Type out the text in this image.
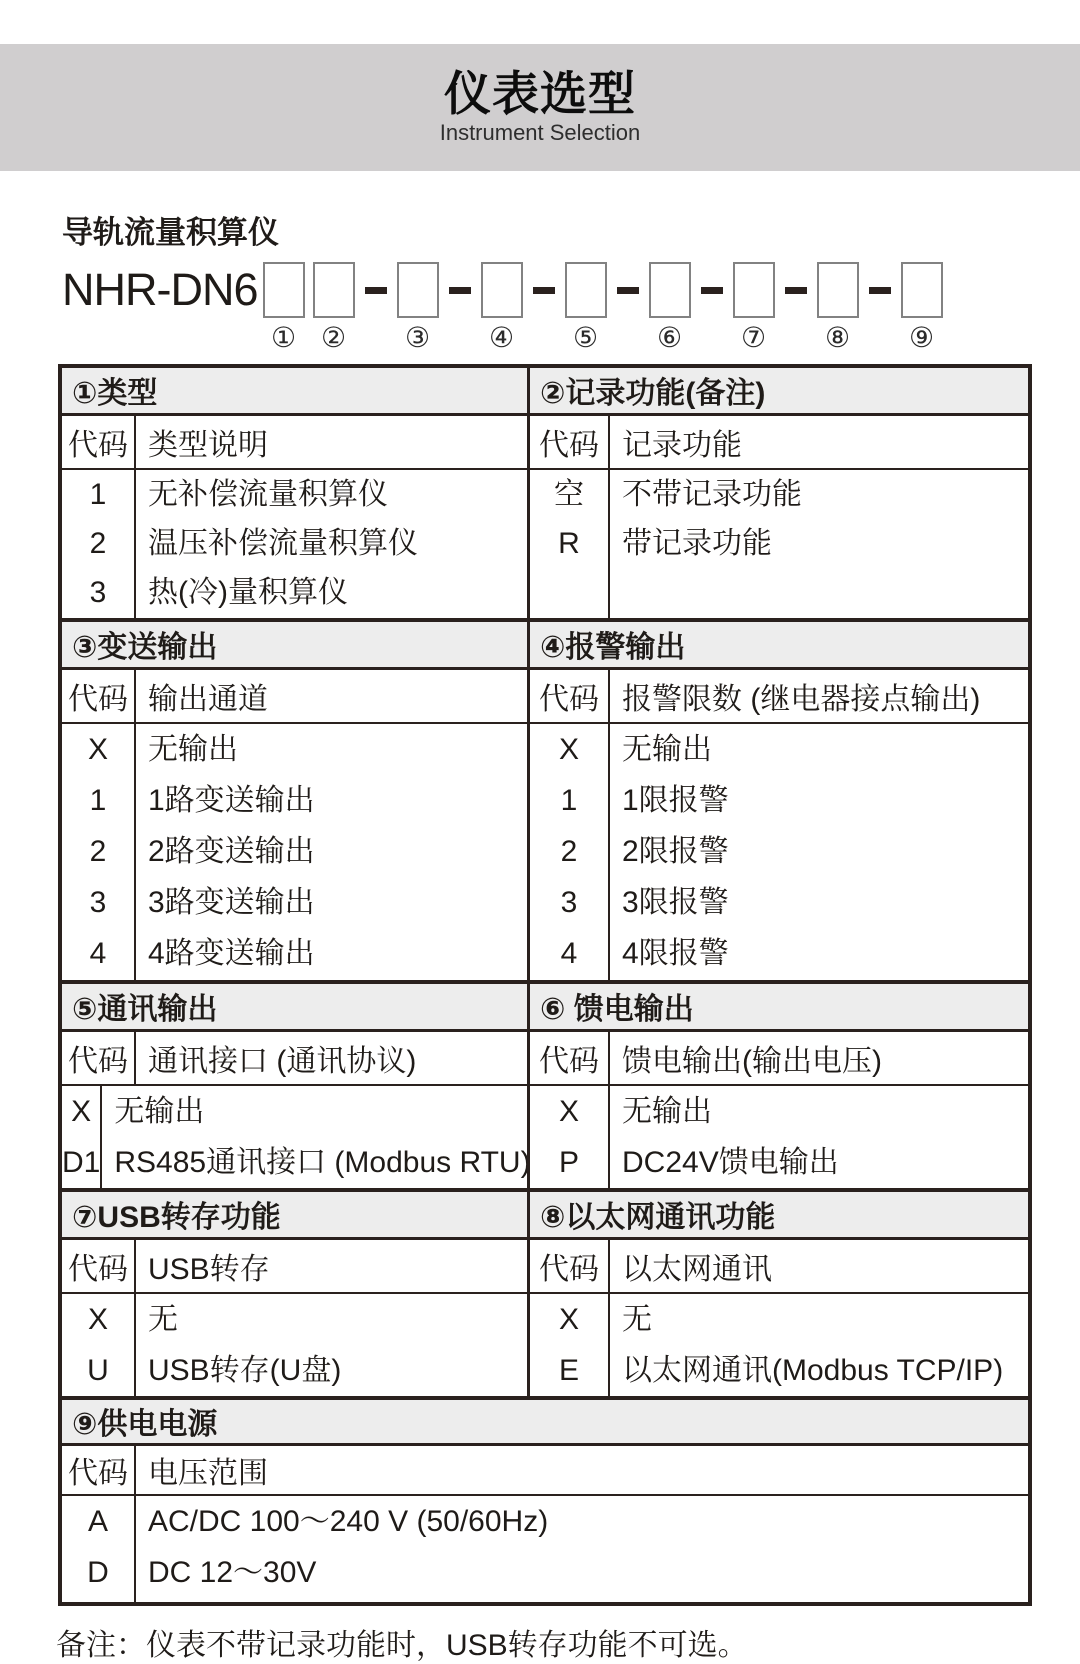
仪表选型
Instrument Selection
导轨流量积算仪
NHR-DN6
① ② ③ ④ ⑤ ⑥ ⑦ ⑧ ⑨
①类型
代码 类型说明
1
2
3
无补偿流量积算仪
温压补偿流量积算仪
热(冷)量积算仪
②记录功能(备注)
代码 记录功能
空
R
不带记录功能
带记录功能
③变送输出
代码 输出通道
X
1
2
3
4
无输出
1路变送输出
2路变送输出
3路变送输出
4路变送输出
④报警输出
代码 报警限数 (继电器接点输出)
X
1
2
3
4
无输出
1限报警
2限报警
3限报警
4限报警
⑤通讯输出
代码 通讯接口 (通讯协议)
X
D1
无输出
RS485通讯接口 (Modbus RTU)
⑥ 馈电输出
代码 馈电输出(输出电压)
X
P
无输出
DC24V馈电输出
⑦USB转存功能
代码 USB转存
X
U
无
USB转存(U盘)
⑧以太网通讯功能
代码 以太网通讯
X
E
无
以太网通讯(Modbus TCP/IP)
⑨供电电源
代码 电压范围
A
D
AC/DC 100～240 V (50/60Hz)
DC 12～30V
备注：仪表不带记录功能时，USB转存功能不可选。
